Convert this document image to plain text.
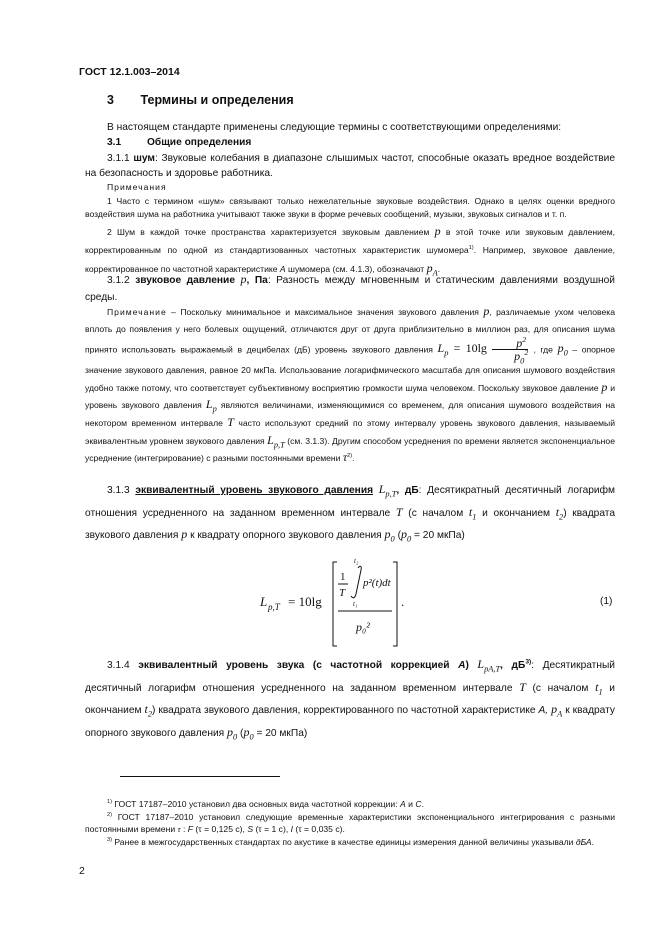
ГОСТ 12.1.003–2014
3 Термины и определения
В настоящем стандарте применены следующие термины с соответствующими определениями:
3.1	Общие определения
3.1.1 шум: Звуковые колебания в диапазоне слышимых частот, способные оказать вредное воздействие на безопасность и здоровье работника.
Примечания
1 Часто с термином «шум» связывают только нежелательные звуковые воздействия. Однако в целях оценки вредного воздействия шума на работника учитывают также звуки в форме речевых сообщений, музыки, звуковых сигналов и т. п.
2 Шум в каждой точке пространства характеризуется звуковым давлением p в этой точке или звуковым давлением, корректированным по одной из стандартизованных частотных характеристик шумомера$^{1)}$. Например, звуковое давление, корректированное по частотной характеристике А шумомера (см. 4.1.3), обозначают $p_A$.
3.1.2 звуковое давление p, Па: Разность между мгновенным и статическим давлениями воздушной среды.
Примечание – Поскольку минимальное и максимальное значения звукового давления p, различаемые ухом человека вплоть до появления у него болевых ощущений, отличаются друг от друга приблизительно в миллион раз, для описания шума принято использовать выражаемый в децибелах (дБ) уровень звукового давления $L_p = 10\lg \frac{p^2}{p_0^2}$ , где $p_0$ – опорное значение звукового давления, равное 20 мкПа. Использование логарифмического масштаба для описания шумового воздействия удобно также потому, что соответствует субъективному восприятию громкости шума человеком. Поскольку звуковое давление p и уровень звукового давления $L_p$ являются величинами, изменяющимися со временем, для описания шумового воздействия на некотором временном интервале T часто используют средний по этому интервалу уровень звукового давления, называемый эквивалентным уровнем звукового давления $L_{p,T}$ (см. 3.1.3). Другим способом усреднения по времени является экспоненциальное усреднение (интегрирование) с разными постоянными времени $\tau^{2)}$.
3.1.3 эквивалентный уровень звукового давления $L_{p,T}$, дБ: Десятикратный десятичный логарифм отношения усредненного на заданном временном интервале T (с началом $t_1$ и окончанием $t_2$) квадрата звукового давления p к квадрату опорного звукового давления $p_0$ ($p_0 = 20$ мкПа)
L p,T = 10lg
1
T
t₂
t₁
p²(t)dt
p₀²
.	(1)
3.1.4 эквивалентный уровень звука (с частотной коррекцией А) $L_{pA,T}$, $дБ^{3)}$: Десятикратный десятичный логарифм отношения усредненного на заданном временном интервале T (с началом $t_1$ и окончанием $t_2$) квадрата звукового давления, корректированного по частотной характеристике А, $p_A$ к квадрату опорного звукового давления $p_0$ ($p_0 = 20$ мкПа)
$^{1)}$ ГОСТ 17187–2010 установил два основных вида частотной коррекции: А и С.
$^{2)}$ ГОСТ 17187–2010 установил следующие временные характеристики экспоненциального интегрирования с разными постоянными времени τ : F (τ = 0,125 с), S (τ = 1 с), I (τ = 0,035 с).
$^{3)}$ Ранее в межгосударственных стандартах по акустике в качестве единицы измерения данной величины указывали дБА.
2
